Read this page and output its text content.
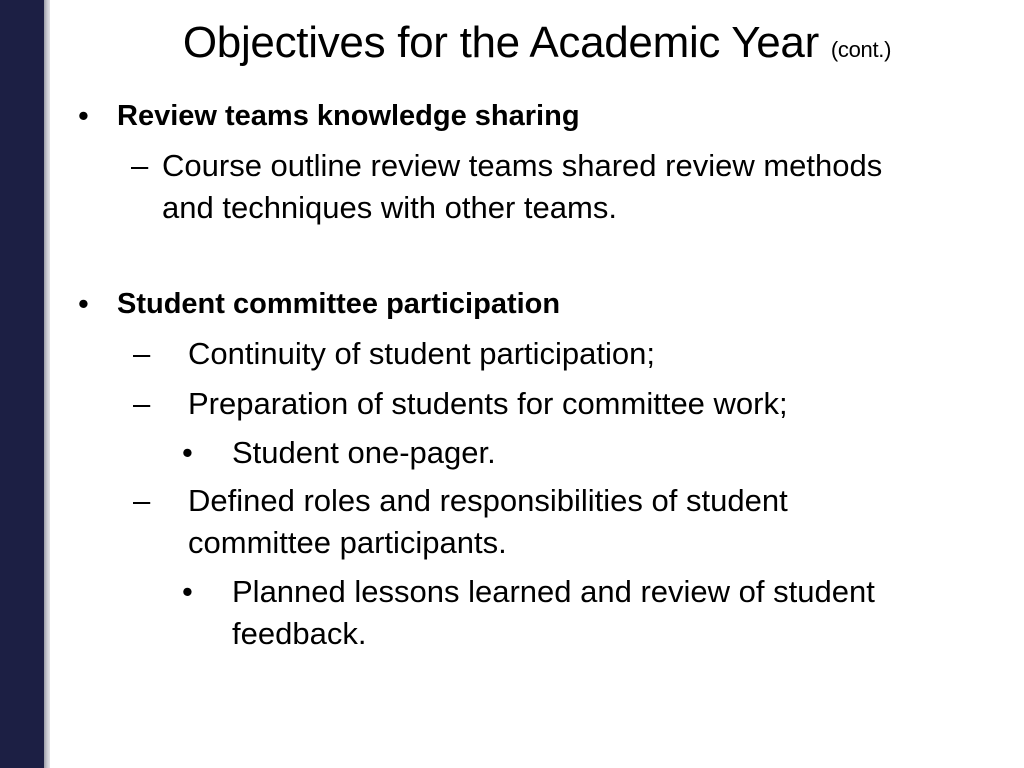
Objectives for the Academic Year (cont.)
• Review teams knowledge sharing
– Course outline review teams shared review methods
and techniques with other teams.
• Student committee participation
– Continuity of student participation;
– Preparation of students for committee work;
• Student one-pager.
– Defined roles and responsibilities of student
committee participants.
• Planned lessons learned and review of student
feedback.
